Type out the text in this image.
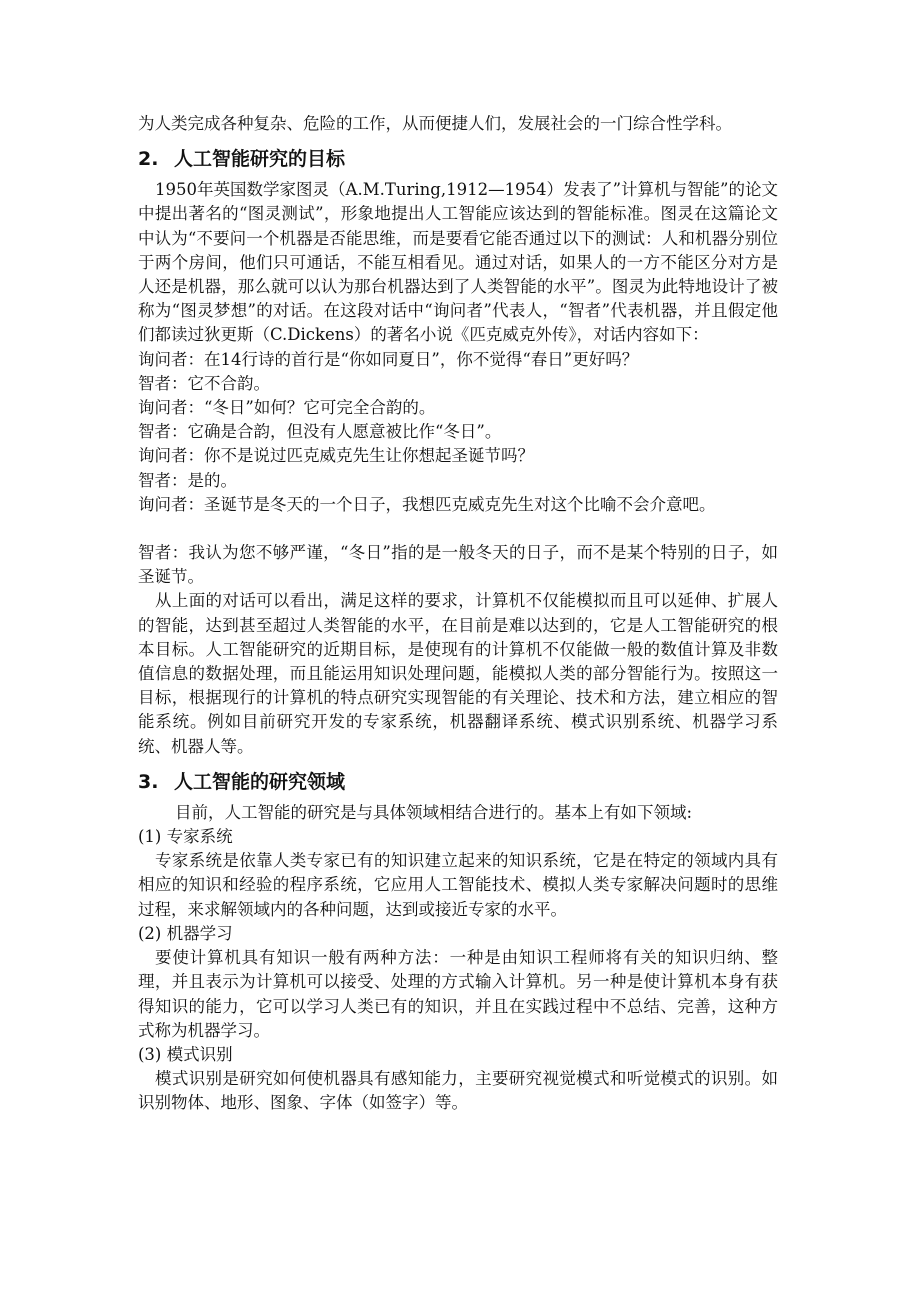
为人类完成各种复杂、危险的工作，从而便捷人们，发展社会的一门综合性学科。

2. 人工智能研究的目标

1950年英国数学家图灵（A.M.Turing,1912—1954）发表了”计算机与智能”的论文中提出著名的“图灵测试”，形象地提出人工智能应该达到的智能标准。图灵在这篇论文中认为“不要问一个机器是否能思维，而是要看它能否通过以下的测试：人和机器分别位于两个房间，他们只可通话，不能互相看见。通过对话，如果人的一方不能区分对方是人还是机器，那么就可以认为那台机器达到了人类智能的水平”。图灵为此特地设计了被称为“图灵梦想”的对话。在这段对话中“询问者”代表人，“智者”代表机器，并且假定他们都读过狄更斯（C.Dickens）的著名小说《匹克威克外传》，对话内容如下：

询问者：在14行诗的首行是“你如同夏日”，你不觉得“春日”更好吗？

智者：它不合韵。

询问者：“冬日”如何？它可完全合韵的。

智者：它确是合韵，但没有人愿意被比作“冬日”。

询问者：你不是说过匹克威克先生让你想起圣诞节吗？

智者：是的。

询问者：圣诞节是冬天的一个日子，我想匹克威克先生对这个比喻不会介意吧。

智者：我认为您不够严谨，“冬日”指的是一般冬天的日子，而不是某个特别的日子，如圣诞节。

从上面的对话可以看出，满足这样的要求，计算机不仅能模拟而且可以延伸、扩展人的智能，达到甚至超过人类智能的水平，在目前是难以达到的，它是人工智能研究的根本目标。人工智能研究的近期目标，是使现有的计算机不仅能做一般的数值计算及非数值信息的数据处理，而且能运用知识处理问题，能模拟人类的部分智能行为。按照这一目标，根据现行的计算机的特点研究实现智能的有关理论、技术和方法，建立相应的智能系统。例如目前研究开发的专家系统，机器翻译系统、模式识别系统、机器学习系统、机器人等。

3. 人工智能的研究领域

目前，人工智能的研究是与具体领域相结合进行的。基本上有如下领域:

(1) 专家系统

专家系统是依靠人类专家已有的知识建立起来的知识系统，它是在特定的领域内具有相应的知识和经验的程序系统，它应用人工智能技术、模拟人类专家解决问题时的思维过程，来求解领域内的各种问题，达到或接近专家的水平。

(2) 机器学习

要使计算机具有知识一般有两种方法：一种是由知识工程师将有关的知识归纳、整理，并且表示为计算机可以接受、处理的方式输入计算机。另一种是使计算机本身有获得知识的能力，它可以学习人类已有的知识，并且在实践过程中不总结、完善，这种方式称为机器学习。

(3) 模式识别

模式识别是研究如何使机器具有感知能力，主要研究视觉模式和听觉模式的识别。如识别物体、地形、图象、字体（如签字）等。
